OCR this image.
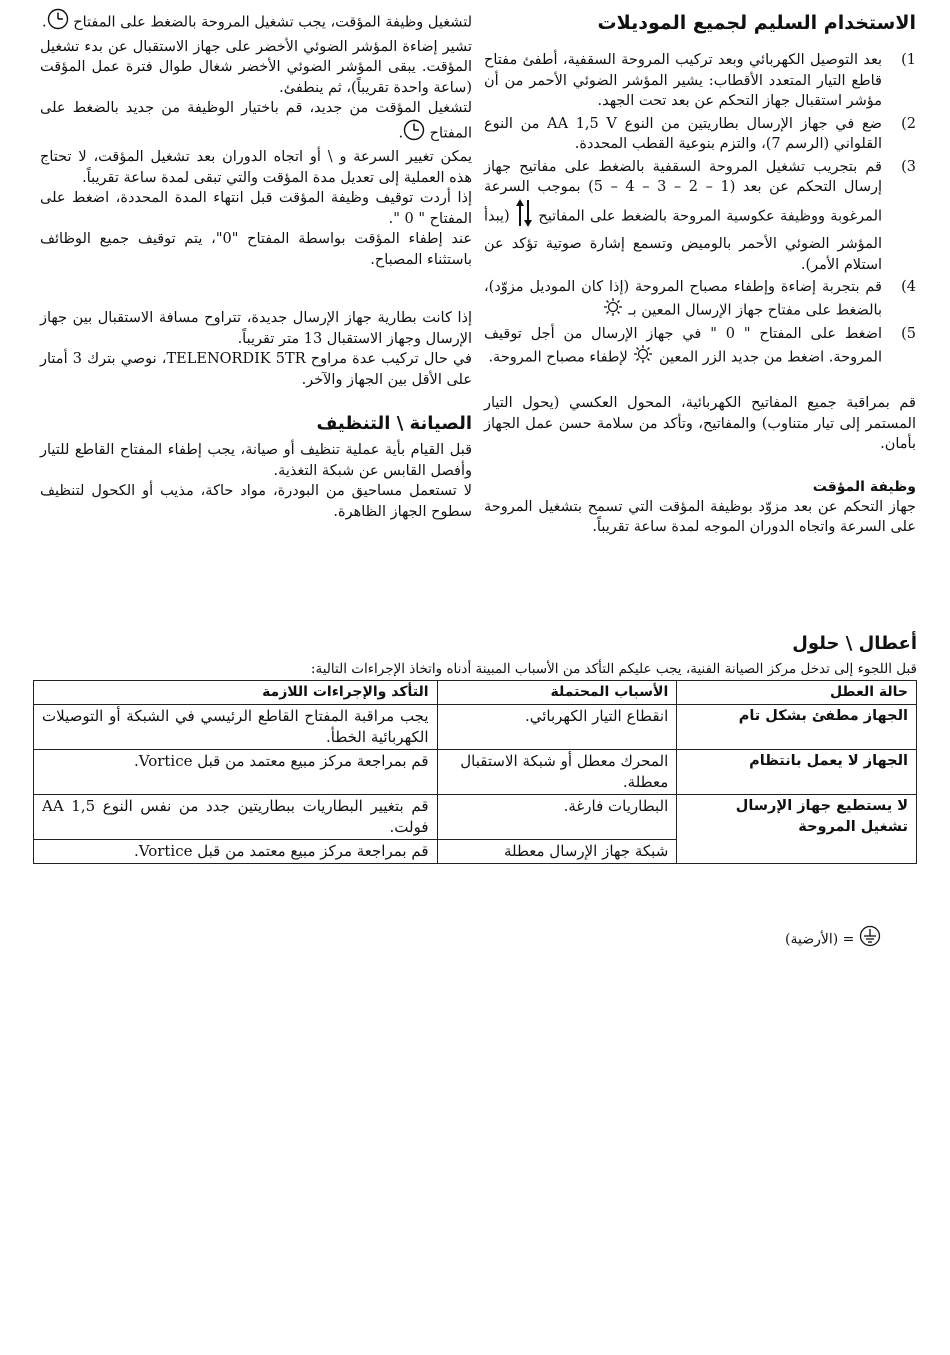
الاستخدام السليم لجميع الموديلات
1)
بعد التوصيل الكهربائي وبعد تركيب المروحة السقفية، أطفئ مفتاح قاطع التيار المتعدد الأقطاب: يشير المؤشر الضوئي الأحمر من أن مؤشر استقبال جهاز التحكم عن بعد تحت الجهد.
2)
ضع في جهاز الإرسال بطاريتين من النوع AA 1,5 V من النوع القلواني (الرسم 7)، والتزم بنوعية القطب المحددة.
3)
قم بتجريب تشغيل المروحة السقفية بالضغط على مفاتيح جهاز إرسال التحكم عن بعد (1 – 2 – 3 – 4 – 5) بموجب السرعة المرغوبة ووظيفة عكوسية المروحة بالضغط على المفاتيح  (يبدأ المؤشر الضوئي الأحمر بالوميض وتسمع إشارة صوتية تؤكد عن استلام الأمر).
4)
قم بتجربة إضاءة وإطفاء مصباح المروحة (إذا كان الموديل مزوّد)، بالضغط على مفتاح جهاز الإرسال المعين بـ
5)
اضغط على المفتاح " 0 " في جهاز الإرسال من أجل توقيف المروحة. اضغط من جديد الزر المعين  لإطفاء مصباح المروحة.

قم بمراقبة جميع المفاتيح الكهربائية، المحول العكسي (يحول التيار المستمر إلى تيار متناوب) والمفاتيح، وتأكد من سلامة حسن عمل الجهاز بأمان.

وظيفة المؤقت

جهاز التحكم عن بعد مزوّد بوظيفة المؤقت التي تسمح بتشغيل المروحة على السرعة واتجاه الدوران الموجه لمدة ساعة تقريباً.

لتشغيل وظيفة المؤقت، يجب تشغيل المروحة بالضغط على المفتاح .

تشير إضاءة المؤشر الضوئي الأخضر على جهاز الاستقبال عن بدء تشغيل المؤقت. يبقى المؤشر الضوئي الأخضر شغال طوال فترة عمل المؤقت (ساعة واحدة تقريباً)، ثم ينطفئ.

لتشغيل المؤقت من جديد، قم باختيار الوظيفة من جديد بالضغط على المفتاح .

يمكن تغيير السرعة و \ أو اتجاه الدوران بعد تشغيل المؤقت، لا تحتاج هذه العملية إلى تعديل مدة المؤقت والتي تبقى لمدة ساعة تقريباً.

إذا أردت توقيف وظيفة المؤقت قبل انتهاء المدة المحددة، اضغط على المفتاح " 0 ".

عند إطفاء المؤقت بواسطة المفتاح "0"، يتم توقيف جميع الوظائف باستثناء المصباح.

إذا كانت بطارية جهاز الإرسال جديدة، تتراوح مسافة الاستقبال بين جهاز الإرسال وجهاز الاستقبال 13 متر تقريباً.

في حال تركيب عدة مراوح TELENORDIK 5TR، نوصي بترك 3 أمتار على الأقل بين الجهاز والآخر.

الصيانة \ التنظيف

قبل القيام بأية عملية تنظيف أو صيانة، يجب إطفاء المفتاح القاطع للتيار وأفصل القابس عن شبكة التغذية.

لا تستعمل مساحيق من البودرة، مواد حاكة، مذيب أو الكحول لتنظيف سطوح الجهاز الظاهرة.

أعطال \ حلول
قبل اللجوء إلى تدخل مركز الصيانة الفنية، يجب عليكم التأكد من الأسباب المبينة أدناه واتخاذ الإجراءات التالية:
حالة العطل	الأسباب المحتملة	التأكد والإجراءات اللازمة
الجهاز مطفئ بشكل تام	انقطاع التيار الكهربائي.	يجب مراقبة المفتاح القاطع الرئيسي في الشبكة أو التوصيلات الكهربائية الخطأ.
الجهاز لا يعمل بانتظام	المحرك معطل أو شبكة الاستقبال معطلة.	قم بمراجعة مركز مبيع معتمد من قبل Vortice.
لا يستطيع جهاز الإرسال تشغيل المروحة	البطاريات فارغة.	قم بتغيير البطاريات ببطاريتين جدد من نفس النوع AA 1,5 فولت.
	شبكة جهاز الإرسال معطلة	قم بمراجعة مركز مبيع معتمد من قبل Vortice.
= (الأرضية)
